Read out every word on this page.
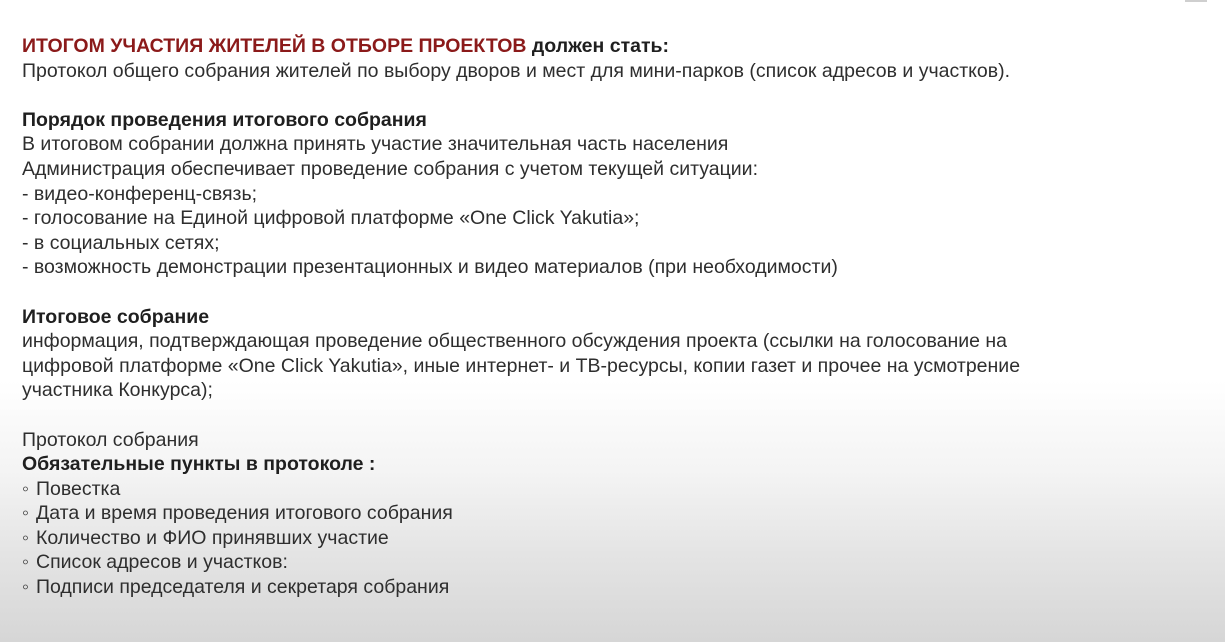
ИТОГОМ УЧАСТИЯ ЖИТЕЛЕЙ В ОТБОРЕ ПРОЕКТОВ должен стать:
Протокол общего собрания жителей по выбору дворов и мест для мини-парков (список адресов и участков).
Порядок проведения итогового собрания
В итоговом собрании должна принять участие значительная часть населения
Администрация обеспечивает проведение собрания с учетом текущей ситуации:
- видео-конференц-связь;
- голосование на Единой цифровой платформе «One Click Yakutia»;
- в социальных сетях;
- возможность демонстрации презентационных и видео материалов (при необходимости)
Итоговое собрание
информация, подтверждающая проведение общественного обсуждения проекта (ссылки на голосование на
цифровой платформе «One Click Yakutia», иные интернет- и ТВ-ресурсы, копии газет и прочее на усмотрение
участника Конкурса);
Протокол собрания
Обязательные пункты в протоколе :
◦ Повестка
◦ Дата и время проведения итогового собрания
◦ Количество и ФИО принявших участие
◦ Список адресов и участков:
◦ Подписи председателя и секретаря собрания
